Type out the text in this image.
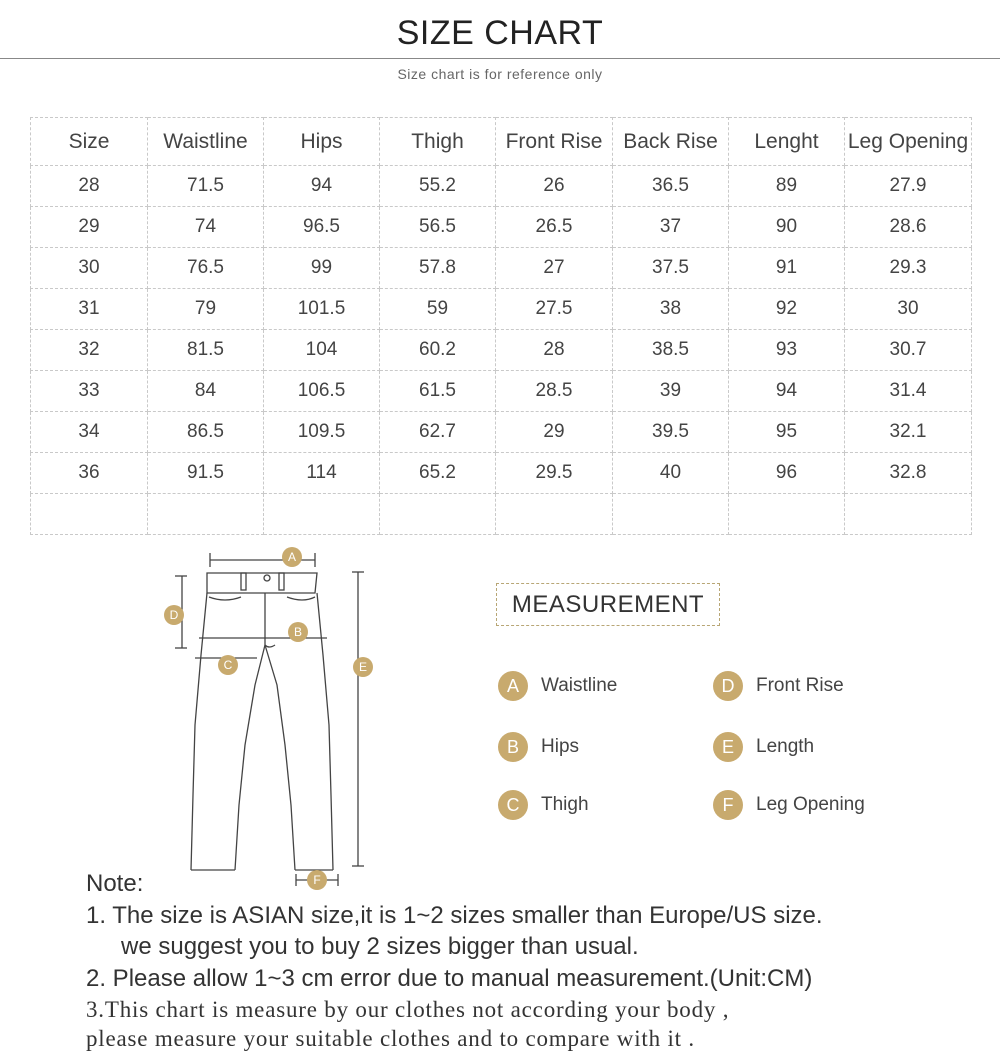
SIZE CHART
Size chart is for reference only
Size	Waistline	Hips	Thigh	Front Rise	Back Rise	Lenght	Leg Opening
28	71.5	94	55.2	26	36.5	89	27.9
29	74	96.5	56.5	26.5	37	90	28.6
30	76.5	99	57.8	27	37.5	91	29.3
31	79	101.5	59	27.5	38	92	30
32	81.5	104	60.2	28	38.5	93	30.7
33	84	106.5	61.5	28.5	39	94	31.4
34	86.5	109.5	62.7	29	39.5	95	32.1
36	91.5	114	65.2	29.5	40	96	32.8

A
B
C
D
E
F
MEASUREMENT
A	Waistline
B	Hips
C	Thigh
D	Front Rise
E	Length
F	Leg Opening
Note:
1. The size is ASIAN size,it is 1~2 sizes smaller than Europe/US size.
we suggest you to buy 2 sizes bigger than usual.
2. Please allow 1~3 cm error due to manual measurement.(Unit:CM)
3.This chart is measure by our clothes not according your body ,
please measure your suitable clothes and to compare with it .
